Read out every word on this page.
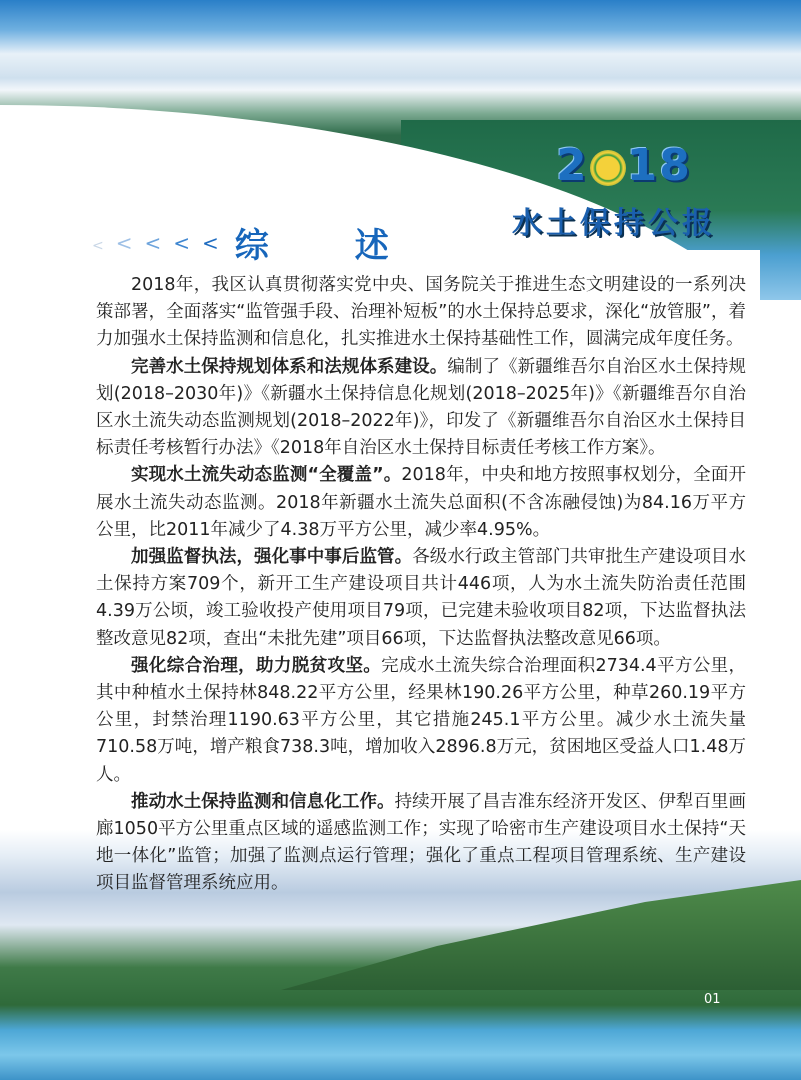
2 18
水土保持公报
< < < < < 综　述

2018年，我区认真贯彻落实党中央、国务院关于推进生态文明建设的一系列决策部署，全面落实“监管强手段、治理补短板”的水土保持总要求，深化“放管服”，着力加强水土保持监测和信息化，扎实推进水土保持基础性工作，圆满完成年度任务。

完善水土保持规划体系和法规体系建设。编制了《新疆维吾尔自治区水土保持规划(2018–2030年)》《新疆水土保持信息化规划(2018–2025年)》《新疆维吾尔自治区水土流失动态监测规划(2018–2022年)》，印发了《新疆维吾尔自治区水土保持目标责任考核暂行办法》《2018年自治区水土保持目标责任考核工作方案》。

实现水土流失动态监测“全覆盖”。2018年，中央和地方按照事权划分，全面开展水土流失动态监测。2018年新疆水土流失总面积(不含冻融侵蚀)为84.16万平方公里，比2011年减少了4.38万平方公里，减少率4.95%。

加强监督执法，强化事中事后监管。各级水行政主管部门共审批生产建设项目水土保持方案709个，新开工生产建设项目共计446项，人为水土流失防治责任范围4.39万公顷，竣工验收投产使用项目79项，已完建未验收项目82项，下达监督执法整改意见82项，查出“未批先建”项目66项，下达监督执法整改意见66项。

强化综合治理，助力脱贫攻坚。完成水土流失综合治理面积2734.4平方公里，其中种植水土保持林848.22平方公里，经果林190.26平方公里，种草260.19平方公里，封禁治理1190.63平方公里，其它措施245.1平方公里。减少水土流失量710.58万吨，增产粮食738.3吨，增加收入2896.8万元，贫困地区受益人口1.48万人。

推动水土保持监测和信息化工作。持续开展了昌吉准东经济开发区、伊犁百里画廊1050平方公里重点区域的遥感监测工作；实现了哈密市生产建设项目水土保持“天地一体化”监管；加强了监测点运行管理；强化了重点工程项目管理系统、生产建设项目监督管理系统应用。

01
